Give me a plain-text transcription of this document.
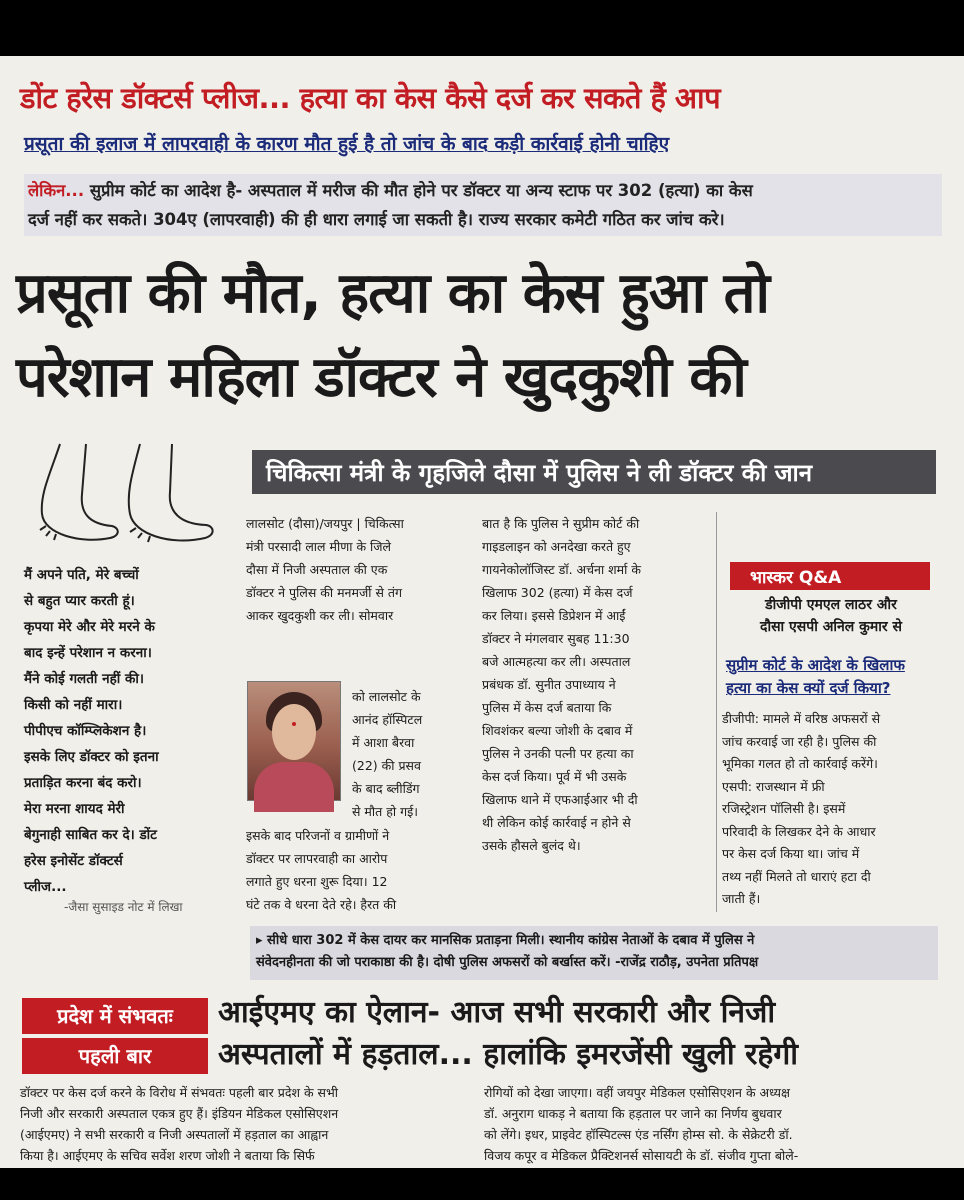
डोंट हरेस डॉक्टर्स प्लीज... हत्या का केस कैसे दर्ज कर सकते हैं आप
प्रसूता की इलाज में लापरवाही के कारण मौत हुई है तो जांच के बाद कड़ी कार्रवाई होनी चाहिए
लेकिन... सुप्रीम कोर्ट का आदेश है- अस्पताल में मरीज की मौत होने पर डॉक्टर या अन्य स्टाफ पर 302 (हत्या) का केस
दर्ज नहीं कर सकते। 304ए (लापरवाही) की ही धारा लगाई जा सकती है। राज्य सरकार कमेटी गठित कर जांच करे।
प्रसूता की मौत, हत्या का केस हुआ तो
परेशान महिला डॉक्टर ने खुदकुशी की
चिकित्सा मंत्री के गृहजिले दौसा में पुलिस ने ली डॉक्टर की जान
मैं अपने पति, मेरे बच्चों
से बहुत प्यार करती हूं।
कृपया मेरे और मेरे मरने के
बाद इन्हें परेशान न करना।
मैंने कोई गलती नहीं की।
किसी को नहीं मारा।
पीपीएच कॉम्प्लिकेशन है।
इसके लिए डॉक्टर को इतना
प्रताड़ित करना बंद करो।
मेरा मरना शायद मेरी
बेगुनाही साबित कर दे। डोंट
हरेस इनोसेंट डॉक्टर्स
प्लीज...
-जैसा सुसाइड नोट में लिखा
लालसोट (दौसा)/जयपुर | चिकित्सा
मंत्री परसादी लाल मीणा के जिले
दौसा में निजी अस्पताल की एक
डॉक्टर ने पुलिस की मनमर्जी से तंग
आकर खुदकुशी कर ली। सोमवार
को लालसोट के
आनंद हॉस्पिटल
में आशा बैरवा
(22) की प्रसव
के बाद ब्लीडिंग
से मौत हो गई।
इसके बाद परिजनों व ग्रामीणों ने
डॉक्टर पर लापरवाही का आरोप
लगाते हुए धरना शुरू दिया। 12
घंटे तक वे धरना देते रहे। हैरत की
बात है कि पुलिस ने सुप्रीम कोर्ट की
गाइडलाइन को अनदेखा करते हुए
गायनेकोलॉजिस्ट डॉ. अर्चना शर्मा के
खिलाफ 302 (हत्या) में केस दर्ज
कर लिया। इससे डिप्रेशन में आईं
डॉक्टर ने मंगलवार सुबह 11:30
बजे आत्महत्या कर ली। अस्पताल
प्रबंधक डॉ. सुनीत उपाध्याय ने
पुलिस में केस दर्ज बताया कि
शिवशंकर बल्या जोशी के दबाव में
पुलिस ने उनकी पत्नी पर हत्या का
केस दर्ज किया। पूर्व में भी उसके
खिलाफ थाने में एफआईआर भी दी
थी लेकिन कोई कार्रवाई न होने से
उसके हौसले बुलंद थे।
भास्कर Q&A
डीजीपी एमएल लाठर और
दौसा एसपी अनिल कुमार से
सुप्रीम कोर्ट के आदेश के खिलाफ
हत्या का केस क्यों दर्ज किया?
डीजीपी: मामले में वरिष्ठ अफसरों से
जांच करवाई जा रही है। पुलिस की
भूमिका गलत हो तो कार्रवाई करेंगे।
एसपी: राजस्थान में फ्री
रजिस्ट्रेशन पॉलिसी है। इसमें
परिवादी के लिखकर देने के आधार
पर केस दर्ज किया था। जांच में
तथ्य नहीं मिलते तो धाराएं हटा दी
जाती हैं।
▸ सीधे धारा 302 में केस दायर कर मानसिक प्रताड़ना मिली। स्थानीय कांग्रेस नेताओं के दबाव में पुलिस ने
संवेदनहीनता की जो पराकाष्ठा की है। दोषी पुलिस अफसरों को बर्खास्त करें। -राजेंद्र राठौड़, उपनेता प्रतिपक्ष
प्रदेश में संभवतः
पहली बार
आईएमए का ऐलान- आज सभी सरकारी और निजी
अस्पतालों में हड़ताल... हालांकि इमरजेंसी खुली रहेगी
डॉक्टर पर केस दर्ज करने के विरोध में संभवतः पहली बार प्रदेश के सभी
निजी और सरकारी अस्पताल एकत्र हुए हैं। इंडियन मेडिकल एसोसिएशन
(आईएमए) ने सभी सरकारी व निजी अस्पतालों में हड़ताल का आह्वान
किया है। आईएमए के सचिव सर्वेश शरण जोशी ने बताया कि सिर्फ
रोगियों को देखा जाएगा। वहीं जयपुर मेडिकल एसोसिएशन के अध्यक्ष
डॉ. अनुराग धाकड़ ने बताया कि हड़ताल पर जाने का निर्णय बुधवार
को लेंगे। इधर, प्राइवेट हॉस्पिटल्स एंड नर्सिंग होम्स सो. के सेक्रेटरी डॉ.
विजय कपूर व मेडिकल प्रैक्टिशनर्स सोसायटी के डॉ. संजीव गुप्ता बोले-
